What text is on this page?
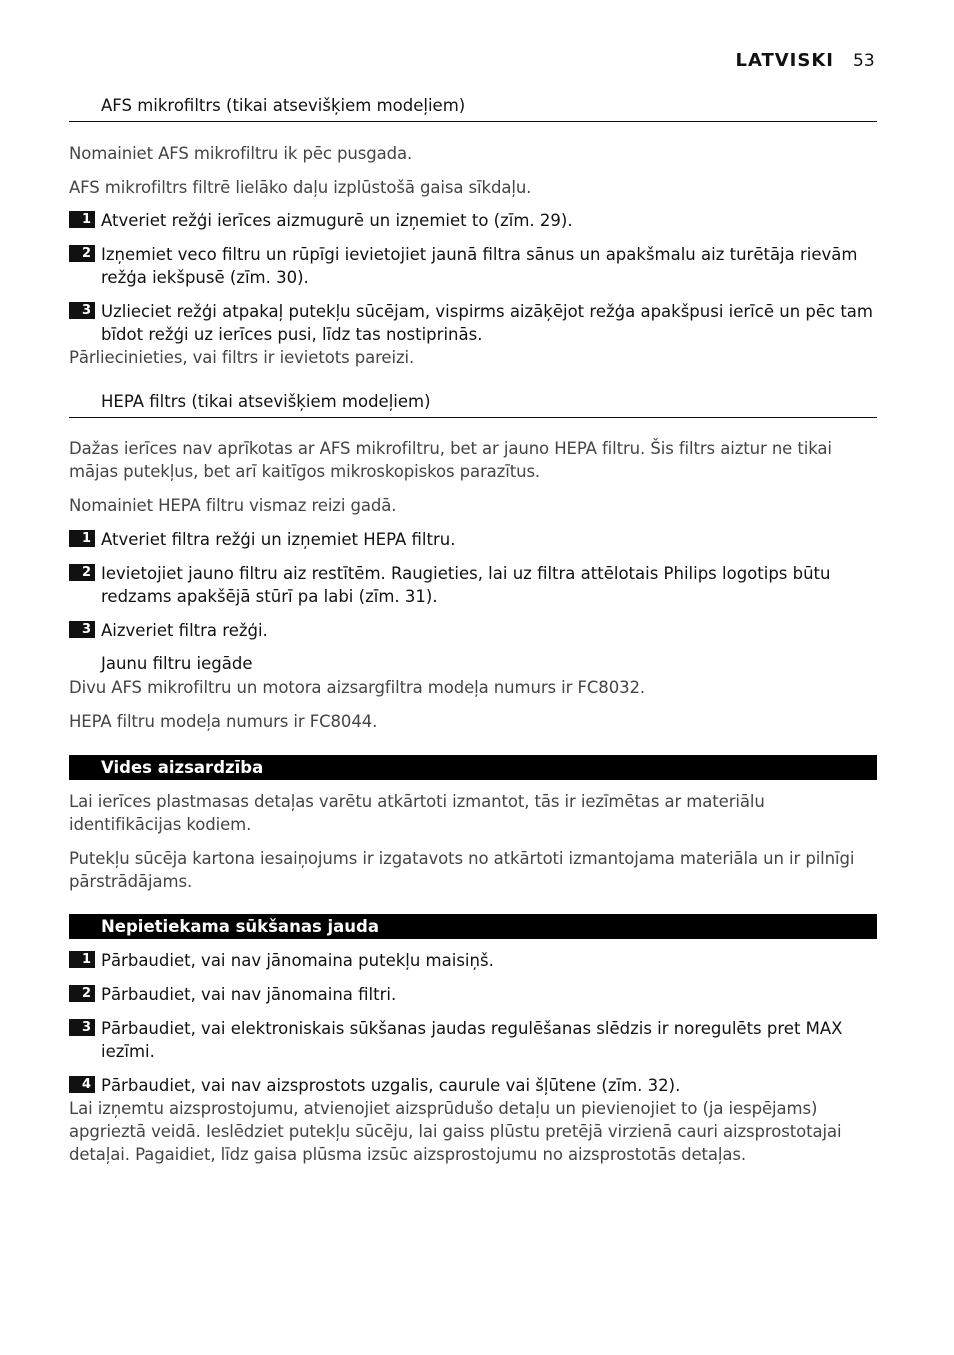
LATVISKI 53
AFS mikrofiltrs (tikai atsevišķiem modeļiem)
Nomainiet AFS mikrofiltru ik pēc pusgada.
AFS mikrofiltrs filtrē lielāko daļu izplūstošā gaisa sīkdaļu.
1 Atveriet režģi ierīces aizmugurē un izņemiet to (zīm. 29).
2 Izņemiet veco filtru un rūpīgi ievietojiet jaunā filtra sānus un apakšmalu aiz turētāja rievām režģa iekšpusē (zīm. 30).
3 Uzlieciet režģi atpakaļ putekļu sūcējam, vispirms aizāķējot režģa apakšpusi ierīcē un pēc tam bīdot režģi uz ierīces pusi, līdz tas nostiprinās.
Pārliecinieties, vai filtrs ir ievietots pareizi.
HEPA filtrs (tikai atsevišķiem modeļiem)
Dažas ierīces nav aprīkotas ar AFS mikrofiltru, bet ar jauno HEPA filtru. Šis filtrs aiztur ne tikai mājas putekļus, bet arī kaitīgos mikroskopiskos parazītus.
Nomainiet HEPA filtru vismaz reizi gadā.
1 Atveriet filtra režģi un izņemiet HEPA filtru.
2 Ievietojiet jauno filtru aiz restītēm. Raugieties, lai uz filtra attēlotais Philips logotips būtu redzams apakšējā stūrī pa labi (zīm. 31).
3 Aizveriet filtra režģi.
Jaunu filtru iegāde
Divu AFS mikrofiltru un motora aizsargfiltra modeļa numurs ir FC8032.
HEPA filtru modeļa numurs ir FC8044.
Vides aizsardzība
Lai ierīces plastmasas detaļas varētu atkārtoti izmantot, tās ir iezīmētas ar materiālu identifikācijas kodiem.
Putekļu sūcēja kartona iesaiņojums ir izgatavots no atkārtoti izmantojama materiāla un ir pilnīgi pārstrādājams.
Nepietiekama sūkšanas jauda
1 Pārbaudiet, vai nav jānomaina putekļu maisiņš.
2 Pārbaudiet, vai nav jānomaina filtri.
3 Pārbaudiet, vai elektroniskais sūkšanas jaudas regulēšanas slēdzis ir noregulēts pret MAX iezīmi.
4 Pārbaudiet, vai nav aizsprostots uzgalis, caurule vai šļūtene (zīm. 32).
Lai izņemtu aizsprostojumu, atvienojiet aizsprūdušo detaļu un pievienojiet to (ja iespējams) apgrieztā veidā. Ieslēdziet putekļu sūcēju, lai gaiss plūstu pretējā virzienā cauri aizsprostotajai detaļai. Pagaidiet, līdz gaisa plūsma izsūc aizsprostojumu no aizsprostotās detaļas.
